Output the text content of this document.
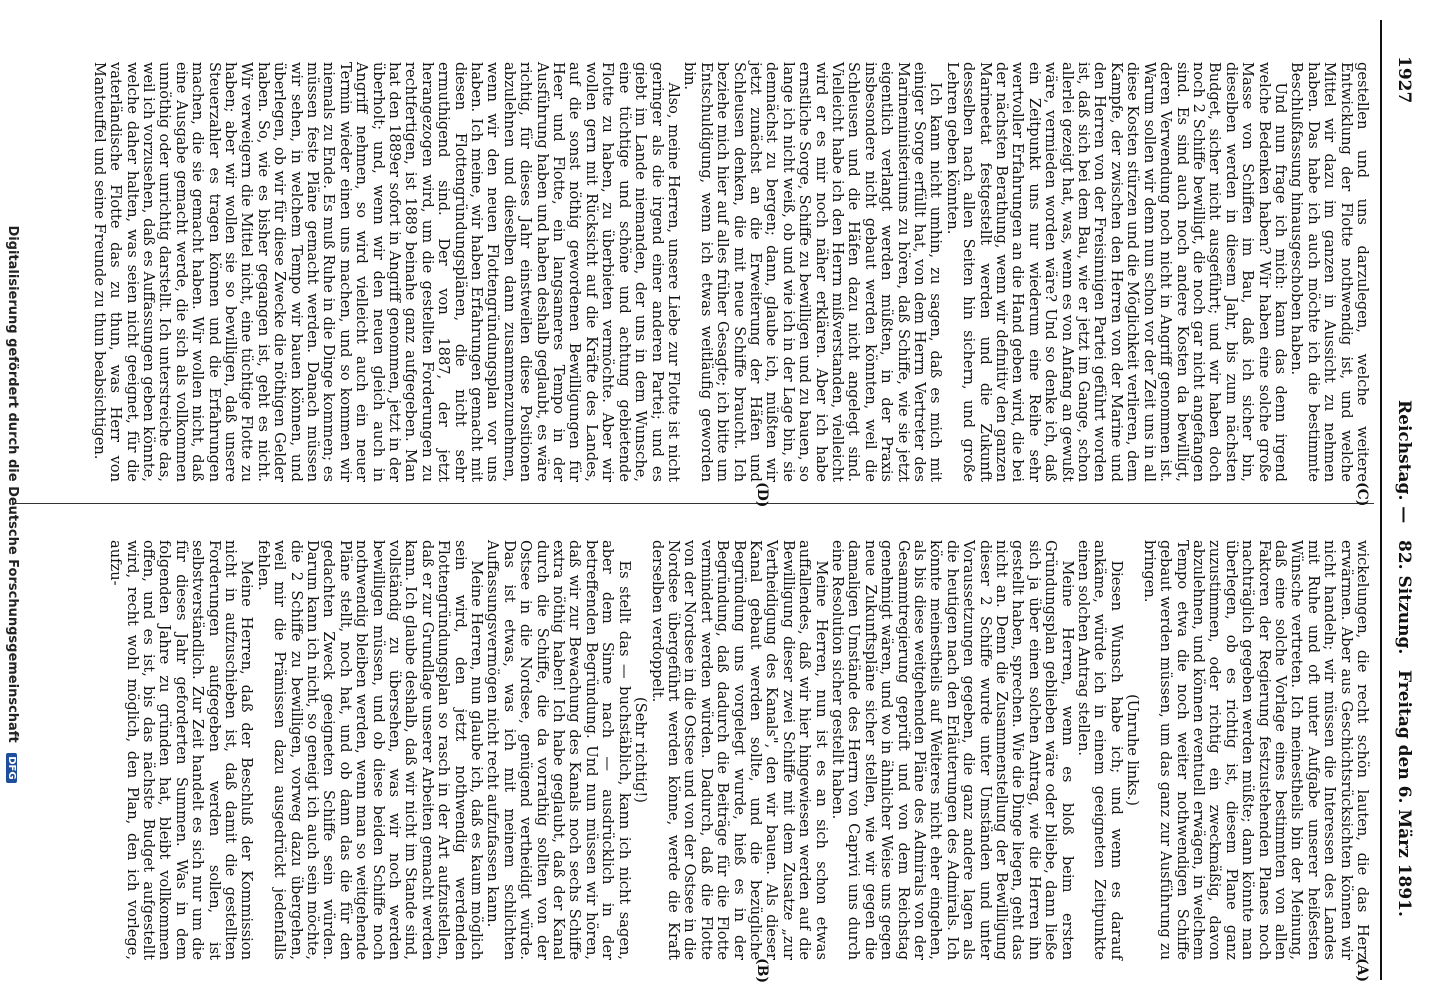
1927
Reichstag. —
82. Sitzung.
Freitag den 6. März 1891.
(C)
(D)
(A)
(B)

gestellen und uns darzulegen, welche weitere Entwicklung der Flotte nothwendig ist, und welche Mittel wir dazu im ganzen in Aussicht zu nehmen haben. Das habe ich auch möchte ich die bestimmte Beschlußfassung hinausgeschoben haben.

Und nun frage ich mich: kann das denn irgend welche Bedenken haben? Wir haben eine solche große Masse von Schiffen im Bau, daß ich sicher bin, dieselben werden in diesem Jahr, bis zum nächsten Budget, sicher nicht ausgeführt; und wir haben doch noch 2 Schiffe bewilligt, die noch gar nicht angefangen sind. Es sind auch noch andere Kosten da bewilligt, deren Verwendung noch nicht in Angriff genommen ist. Warum sollen wir denn nun schon vor der Zeit uns in all diese Kosten stürzen und die Möglichkeit verlieren, dem Kampfe, der zwischen den Herren von der Marine und den Herren von der Freisinnigen Partei geführt worden ist, daß sich bei dem Bau, wie er jetzt im Gange, schon allerlei gezeigt hat, was, wenn es von Anfang an gewußt wäre, vermieden worden wäre? Und so denke ich, daß ein Zeitpunkt uns nur wiederum eine Reihe sehr wertvoller Erfahrungen an die Hand geben wird, die bei der nächsten Berathung, wenn wir definitiv den ganzen Marineetat festgestellt werden und die Zukunft desselben nach allen Seiten hin sichern, und große Lehren geben könnten.

Ich kann nicht umhin, zu sagen, daß es mich mit einiger Sorge erfüllt hat, von dem Herrn Vertreter des Marineministeriums zu hören, daß Schiffe, wie sie jetzt eigentlich verlangt werden müßten, in der Praxis insbesondere nicht gebaut werden könnten, weil die Schleusen und die Häfen dazu nicht angelegt sind. Vielleicht habe ich den Herrn mißverstanden, vielleicht wird er es mir noch näher erklären. Aber ich habe ernstliche Sorge, Schiffe zu bewilligen und zu bauen, so lange ich nicht weiß, ob und wie ich in der Lage bin, sie demnächst zu bergen; dann, glaube ich, müßten wir jetzt zunächst an die Erweiterung der Häfen und Schleusen denken, die mit neue Schiffe braucht. Ich beziehe mich hier auf alles früher Gesagte; ich bitte um Entschuldigung, wenn ich etwas weitläufig geworden bin.

Also, meine Herren, unsere Liebe zur Flotte ist nicht geringer als die irgend einer anderen Partei; und es giebt im Lande niemanden, der uns in dem Wunsche, eine tüchtige und schöne und achtung gebietende Flotte zu haben, zu überbieten vermöchte. Aber wir wollen gern mit Rücksicht auf die Kräfte des Landes, auf die sonst nöthig gewordenen Bewilligungen für Heer und Flotte, ein langsameres Tempo in der Ausführung haben und haben deshalb geglaubt, es wäre richtig, für dieses Jahr einstweilen diese Positionen abzulehnen und dieselben dann zusammenzunehmen, wenn wir den neuen Flottengründungsplan vor uns haben. Ich meine, wir haben Erfahrungen gemacht mit diesen Flottengründungsplänen, die nicht sehr ermuthigend sind. Der von 1887, der jetzt herangezogen wird, um die gestellten Forderungen zu rechtfertigen, ist 1889 beinahe ganz aufgegeben. Man hat den 1889er sofort in Angriff genommen, jetzt in der überholt; und, wenn wir den neuen gleich auch in Angriff nehmen, so wird vielleicht auch ein neuer Termin wieder einen uns machen, und so kommen wir niemals zu Ende. Es muß Ruhe in die Dinge kommen; es müssen feste Pläne gemacht werden. Danach müssen wir sehen, in welchem Tempo wir bauen können, und überlegen, ob wir für diese Zwecke die nöthigen Gelder haben. So, wie es bisher gegangen ist, geht es nicht. Wir verweigern die Mittel nicht, eine tüchtige Flotte zu haben; aber wir wollen sie so bewilligen, daß unsere Steuerzahler es tragen können und die Erfahrungen machen, die sie gemacht haben. Wir wollen nicht, daß eine Ausgabe gemacht werde, die sich als vollkommen unnöthig oder unrichtig darstellt. Ich unterstreiche das, weil ich vorzusehen, daß es Auffassungen geben könnte, welche daher halten, was seien nicht geeignet, für die vaterländische Flotte das zu thun, was Herr von Manteuffel und seine Freunde zu thun beabsichtigen.

wickelungen, die recht schön lauten, die das Herz erwärmen. Aber aus Geschichtsrücksichten können wir nicht handeln; wir müssen die Interessen des Landes mit Ruhe und oft unter Aufgabe unserer heißesten Wünsche vertreten. Ich meinestheils bin der Meinung, daß eine solche Vorlage eines bestimmten von allen Faktoren der Regierung festzustehenden Planes noch nachträglich gegeben werden müßte; dann könnte man überlegen, ob es richtig ist, diesem Plane ganz zuzustimmen, oder richtig ein zweckmäßig, davon abzulehnen, und können eventuell erwägen, in welchem Tempo etwa die noch weiter nothwendigen Schiffe gebaut werden müssen, um das ganz zur Ausführung zu bringen.

(Unruhe links.)

Diesen Wunsch habe ich; und wenn es darauf ankäme, würde ich in einem geeigneten Zeitpunkte einen solchen Antrag stellen.

Meine Herren, wenn es bloß beim ersten Gründungsplan geblieben wäre oder bliebe, dann ließe sich ja über einen solchen Antrag, wie die Herren ihn gestellt haben, sprechen. Wie die Dinge liegen, geht das nicht an. Denn die Zusammenstellung der Bewilligung dieser 2 Schiffe wurde unter Umständen und unter Voraussetzungen gegeben, die ganz andere lagen als die heutigen nach den Erläuterungen des Admirals. Ich könnte meinestheils auf Weiteres nicht eher eingehen, als bis diese weitgehenden Pläne des Admirals von der Gesammtregierung geprüft und von dem Reichstag genehmigt wären, und wo in ähnlicher Weise uns gegen neue Zukunftspläne sicher stellen, wie wir gegen die damaligen Umstände des Herrn von Caprivi uns durch eine Resolution sicher gestellt haben.

Meine Herren, nun ist es an sich schon etwas auffallendes, daß wir hier hingewiesen werden auf die Bewilligung dieser zwei Schiffe mit dem Zusatze „zur Vertheidigung des Kanals", den wir bauen. Als dieser Kanal gebaut werden sollte, und die bezügliche Begründung uns vorgelegt wurde, hieß es in der Begründung, daß dadurch die Beiträge für die Flotte vermindert werden würden. Dadurch, daß die Flotte von der Nordsee in die Ostsee und von der Ostsee in die Nordsee übergeführt werden könne, werde die Kraft derselben verdoppelt.

(Sehr richtig!)

Es stellt das — buchstäblich, kann ich nicht sagen, aber dem Sinne nach — ausdrücklich in der betreffenden Begründung. Und nun müssen wir hören, daß wir zur Bewachung des Kanals noch sechs Schiffe extra nöthig haben! Ich habe geglaubt, daß der Kanal durch die Schiffe, die da vorrathig sollten von der Ostsee in die Nordsee, genügend vertheidigt würde. Das ist etwas, was ich mit meinem schlichten Auffassungsvermögen nicht recht aufzufassen kann.

Meine Herren, nun glaube ich, daß es kaum möglich sein wird, den jetzt nothwendig werdenden Flottengründungsplan so rasch in der Art aufzustellen, daß er zur Grundlage unserer Arbeiten gemacht werden kann. Ich glaube deshalb, daß wir nicht im Stande sind, vollständig zu übersehen, was wir noch werden bewilligen müssen, und ob diese beiden Schiffe noch nothwendig bleiben werden, wenn man so weitgehende Pläne stellt, noch hat, und ob dann das die für den gedachten Zweck geeigneten Schiffe sein würden. Darum kann ich nicht, so geneigt ich auch sein möchte, die 2 Schiffe zu bewilligen, vorweg dazu übergehen, weil mir die Prämissen dazu ausgedrückt jedenfalls fehlen.

Meine Herren, daß der Beschluß der Kommission nicht in aufzuschieben ist, daß damit die gestellten Forderungen aufgegeben werden sollen, ist selbstverständlich. Zur Zeit handelt es sich nur um die für dieses Jahr geforderten Summen. Was in dem folgenden Jahre zu gründen hat, bleibt vollkommen offen, und es ist, bis das nächste Budget aufgestellt wird, recht wohl möglich, den Plan, den ich vorlege, aufzu-

Digitalisierung gefördert durch die Deutsche Forschungsgemeinschaft DFG
